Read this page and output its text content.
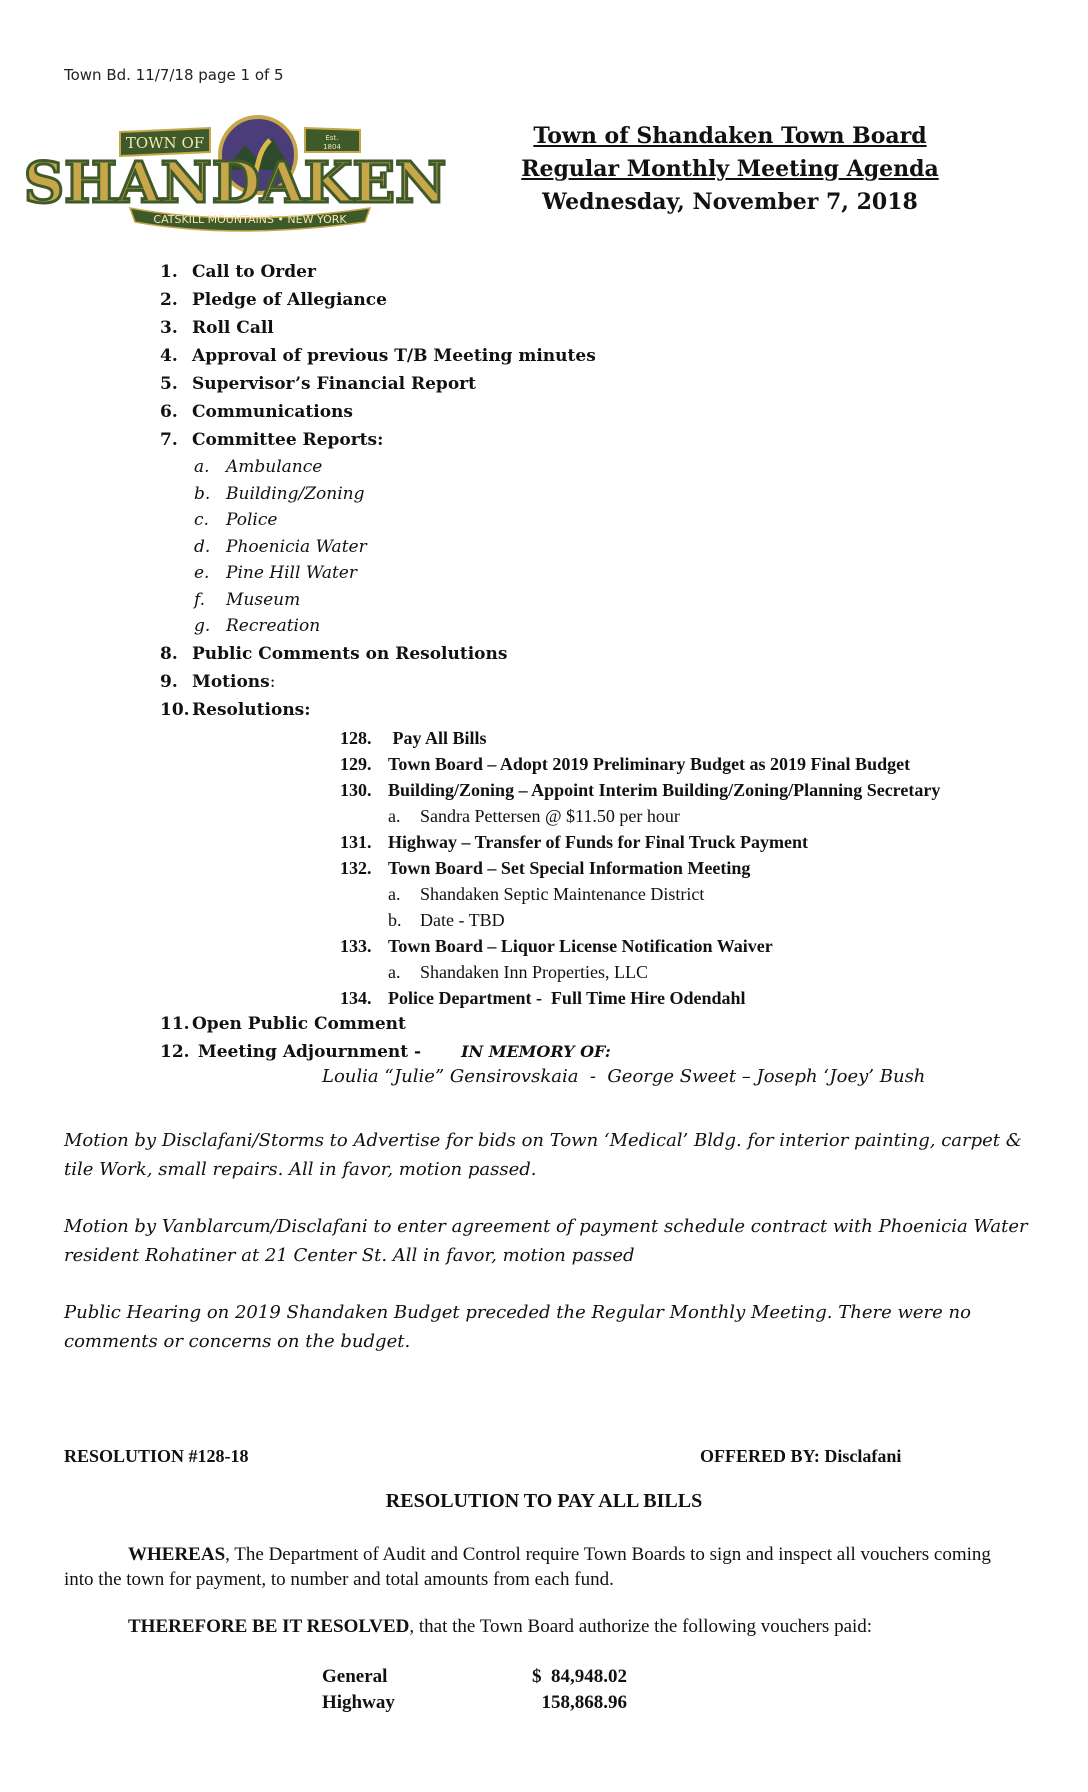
Town Bd. 11/7/18 page 1 of 5
TOWN OF	Est.
1804
SHANDAKEN
CATSKILL MOUNTAINS • NEW YORK
Town of Shandaken Town Board
Regular Monthly Meeting Agenda
Wednesday, November 7, 2018
1. Call to Order
2. Pledge of Allegiance
3. Roll Call
4. Approval of previous T/B Meeting minutes
5. Supervisor’s Financial Report
6. Communications
7. Committee Reports:
a. Ambulance
b. Building/Zoning
c.	Police
d. Phoenicia Water
e. Pine Hill Water
f.	Museum
g. Recreation
8. Public Comments on Resolutions
9. Motions :
10. Resolutions:
128. Pay All Bills
129. Town Board – Adopt 2019 Preliminary Budget as 2019 Final Budget
130. Building/Zoning – Appoint Interim Building/Zoning/Planning Secretary
a.	Sandra Pettersen @ $11.50 per hour
131. Highway – Transfer of Funds for Final Truck Payment
132. Town Board – Set Special Information Meeting
a.	Shandaken Septic Maintenance District
b.	Date - TBD
133. Town Board – Liquor License Notification Waiver
a.	Shandaken Inn Properties, LLC
134. Police Department -  Full Time Hire Odendahl
11. Open Public Comment
12. Meeting Adjournment -	IN MEMORY OF:
Loulia “Julie” Gensirovskaia  -  George Sweet – Joseph ‘Joey’ Bush
Motion by Disclafani/Storms to Advertise for bids on Town ‘Medical’ Bldg. for interior painting, carpet & tile Work, small repairs. All in favor, motion passed.
Motion by Vanblarcum/Disclafani to enter agreement of payment schedule contract with Phoenicia Water resident Rohatiner at 21 Center St. All in favor, motion passed
Public Hearing on 2019 Shandaken Budget preceded the Regular Monthly Meeting. There were no comments or concerns on the budget.
RESOLUTION #128-18	OFFERED BY: Disclafani
RESOLUTION TO PAY ALL BILLS
WHEREAS, The Department of Audit and Control require Town Boards to sign and inspect all vouchers coming into the town for payment, to number and total amounts from each fund.
THEREFORE BE IT RESOLVED, that the Town Board authorize the following vouchers paid:
General	$  84,948.02
Highway	158,868.96
